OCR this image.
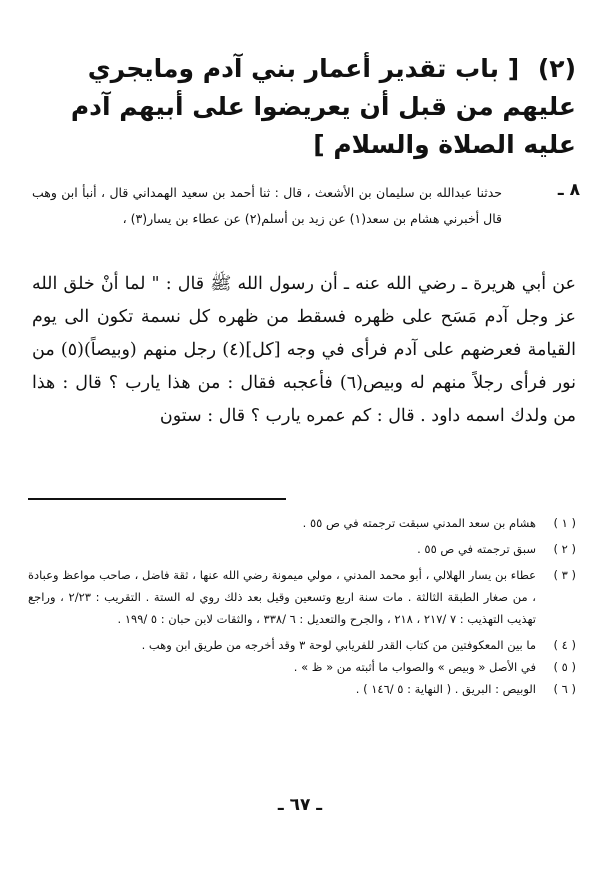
(٢) [ باب تقدير أعمار بني آدم ومايجري عليهم من قبل أن يعريضوا على أبيهم آدم عليه الصلاة والسلام ]
٨ ـ
حدثنا عبدالله بن سليمان بن الأشعث ، قال : ثنا أحمد بن سعيد الهمداني قال ، أنبأ ابن وهب قال أخبرني هشام بن سعد(١) عن زيد بن أسلم(٢) عن عطاء بن يسار(٣) ،
عن أبي هريرة ـ رضي الله عنه ـ أن رسول الله ﷺ قال : " لما أنْ خلق الله عز وجل آدم مَسَح على ظهره فسقط من ظهره كل نسمة تكون الى يوم القيامة فعرضهم على آدم فرأى في وجه [كل](٤) رجل منهم (وبيصاً)(٥) من نور فرأى رجلاً منهم له وبيص(٦) فأعجبه فقال : من هذا يارب ؟ قال : هذا من ولدك اسمه داود . قال : كم عمره يارب ؟ قال : ستون
( ١ )
هشام بن سعد المدني سبقت ترجمته في ص ٥٥ .
( ٢ )
سبق ترجمته في ص ٥٥ .
( ٣ )
عطاء بن يسار الهلالي ، أبو محمد المدني ، مولي ميمونة رضي الله عنها ، ثقة فاضل ، صاحب مواعظ وعبادة ، من صغار الطبقة الثالثة . مات سنة اربع وتسعين وقيل بعد ذلك روي له الستة . التقريب : ٢/٢٣ ، وراجع تهذيب التهذيب : ٧ /٢١٧ ، ٢١٨ ، والجرح والتعديل : ٦ /٣٣٨ ، والثقات لابن حبان : ٥ /١٩٩ .
( ٤ )
ما بين المعكوفتين من كتاب القدر للفريابي لوحة ٣ وقد أخرجه من طريق ابن وهب .
( ٥ )
في الأصل « وبيص » والصواب ما أثبته من « ظ » .
( ٦ )
الوبيص : البريق . ( النهاية : ٥ /١٤٦ ) .
ـ ٦٧ ـ
